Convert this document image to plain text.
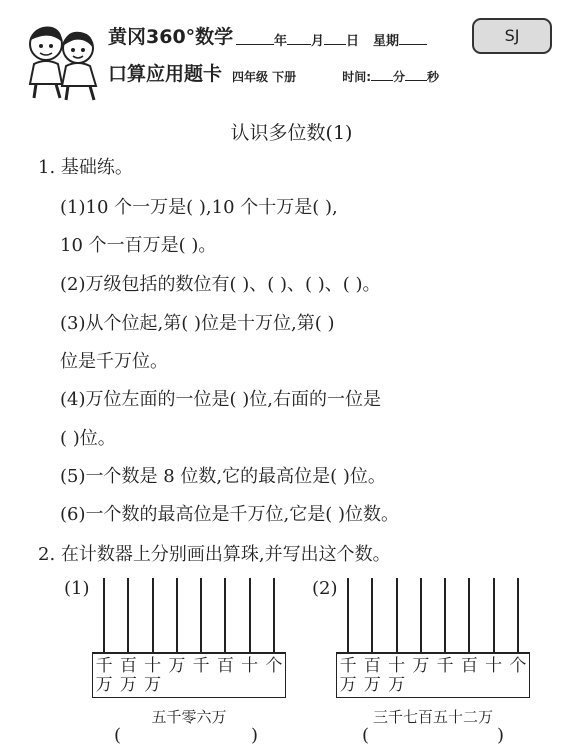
黄冈360°数学
口算应用题卡
年 月 日 星期	SJ
四年级 下册	时间: 分 秒
认识多位数(1)
1. 基础练。
(1)10 个一万是( ),10 个十万是( ),
10 个一百万是( )。
(2)万级包括的数位有( )、( )、( )、( )。
(3)从个位起,第( )位是十万位,第( )
位是千万位。
(4)万位左面的一位是( )位,右面的一位是
( )位。
(5)一个数是 8 位数,它的最高位是( )位。
(6)一个数的最高位是千万位,它是( )位数。
2. 在计数器上分别画出算珠,并写出这个数。
(1)
千 百 十 万 千 百 十 个
万 万 万
五千零六万
(	)
(2)
千 百 十 万 千 百 十 个
万 万 万
三千七百五十二万
(	)
